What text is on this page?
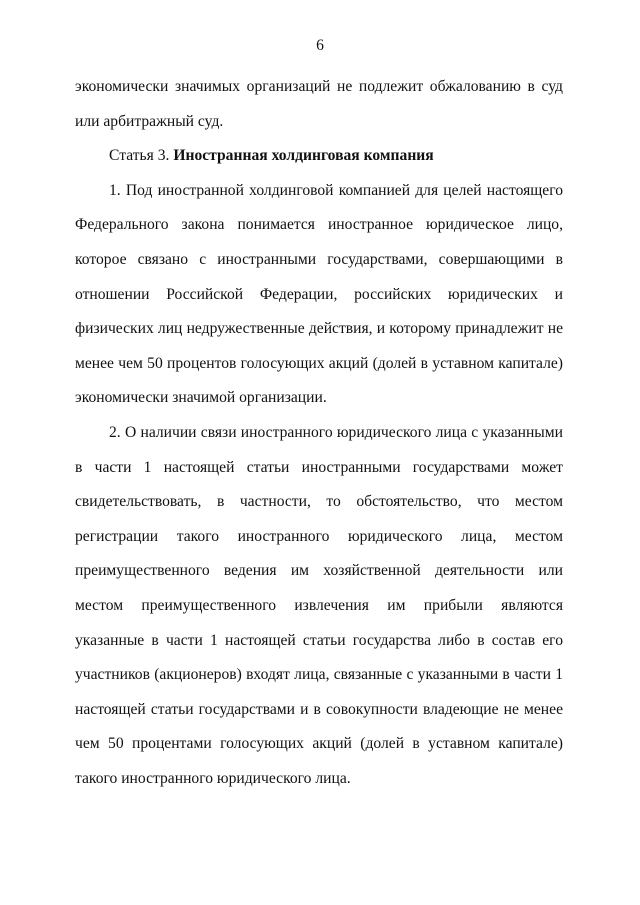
6

экономически значимых организаций не подлежит обжалованию в суд или арбитражный суд.

Статья 3. Иностранная холдинговая компания

1. Под иностранной холдинговой компанией для целей настоящего Федерального закона понимается иностранное юридическое лицо, которое связано с иностранными государствами, совершающими в отношении Российской Федерации, российских юридических и физических лиц недружественные действия, и которому принадлежит не менее чем 50 процентов голосующих акций (долей в уставном капитале) экономически значимой организации.

2. О наличии связи иностранного юридического лица с указанными в части 1 настоящей статьи иностранными государствами может свидетельствовать, в частности, то обстоятельство, что местом регистрации такого иностранного юридического лица, местом преимущественного ведения им хозяйственной деятельности или местом преимущественного извлечения им прибыли являются указанные в части 1 настоящей статьи государства либо в состав его участников (акционеров) входят лица, связанные с указанными в части 1 настоящей статьи государствами и в совокупности владеющие не менее чем 50 процентами голосующих акций (долей в уставном капитале) такого иностранного юридического лица.
